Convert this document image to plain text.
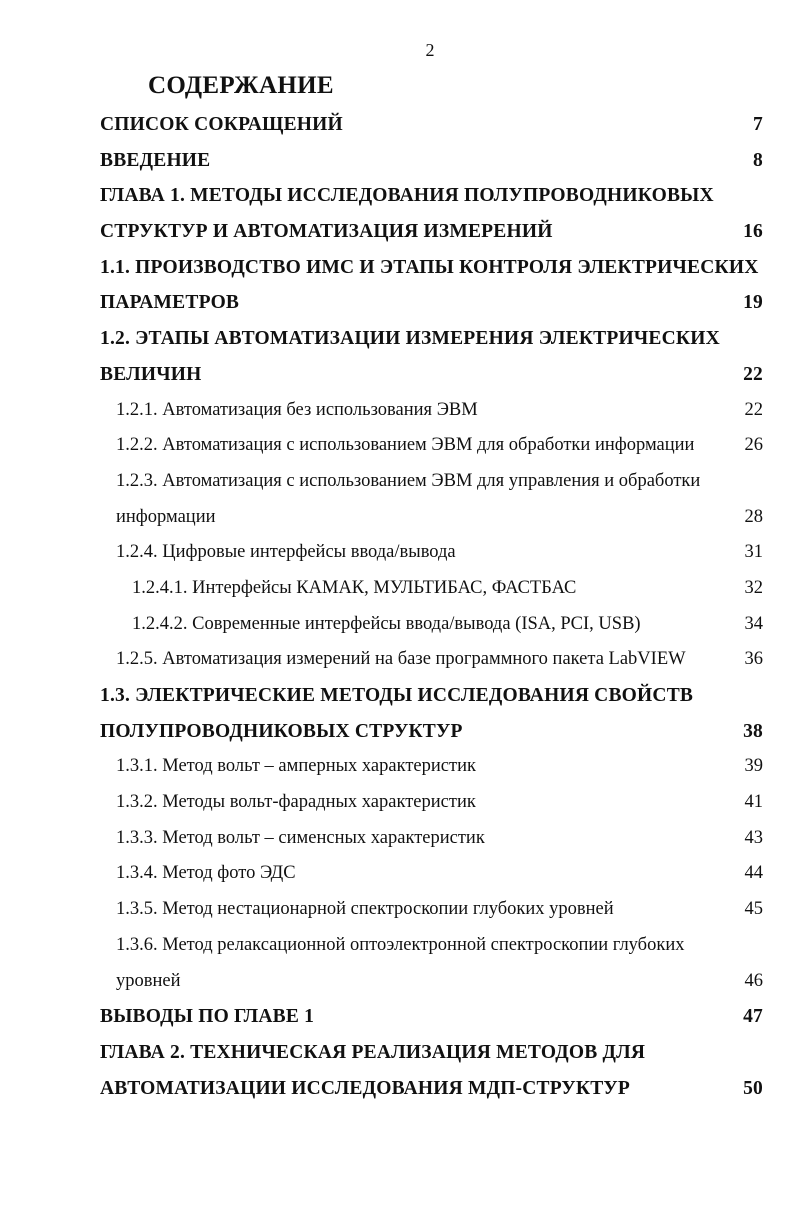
2
СОДЕРЖАНИЕ
СПИСОК СОКРАЩЕНИЙ	7
ВВЕДЕНИЕ	8
ГЛАВА 1. МЕТОДЫ ИССЛЕДОВАНИЯ ПОЛУПРОВОДНИКОВЫХ
СТРУКТУР И АВТОМАТИЗАЦИЯ ИЗМЕРЕНИЙ	16
1.1. ПРОИЗВОДСТВО ИМС И ЭТАПЫ КОНТРОЛЯ ЭЛЕКТРИЧЕСКИХ
ПАРАМЕТРОВ	19
1.2. ЭТАПЫ АВТОМАТИЗАЦИИ ИЗМЕРЕНИЯ ЭЛЕКТРИЧЕСКИХ
ВЕЛИЧИН	22
1.2.1. Автоматизация без использования ЭВМ	22
1.2.2. Автоматизация с использованием ЭВМ для обработки информации	26
1.2.3. Автоматизация с использованием ЭВМ для управления и обработки
информации	28
1.2.4. Цифровые интерфейсы ввода/вывода	31
1.2.4.1. Интерфейсы КАМАК, МУЛЬТИБАС, ФАСТБАС	32
1.2.4.2. Современные интерфейсы ввода/вывода (ISA, PCI, USB)	34
1.2.5. Автоматизация измерений на базе программного пакета LabVIEW	36
1.3. ЭЛЕКТРИЧЕСКИЕ МЕТОДЫ ИССЛЕДОВАНИЯ СВОЙСТВ
ПОЛУПРОВОДНИКОВЫХ СТРУКТУР	38
1.3.1. Метод вольт – амперных характеристик	39
1.3.2. Методы вольт-фарадных характеристик	41
1.3.3. Метод вольт – сименсных характеристик	43
1.3.4. Метод фото ЭДС	44
1.3.5. Метод нестационарной спектроскопии глубоких уровней	45
1.3.6. Метод релаксационной оптоэлектронной спектроскопии глубоких
уровней	46
ВЫВОДЫ ПО ГЛАВЕ 1	47
ГЛАВА 2. ТЕХНИЧЕСКАЯ РЕАЛИЗАЦИЯ МЕТОДОВ ДЛЯ
АВТОМАТИЗАЦИИ ИССЛЕДОВАНИЯ МДП-СТРУКТУР	50
